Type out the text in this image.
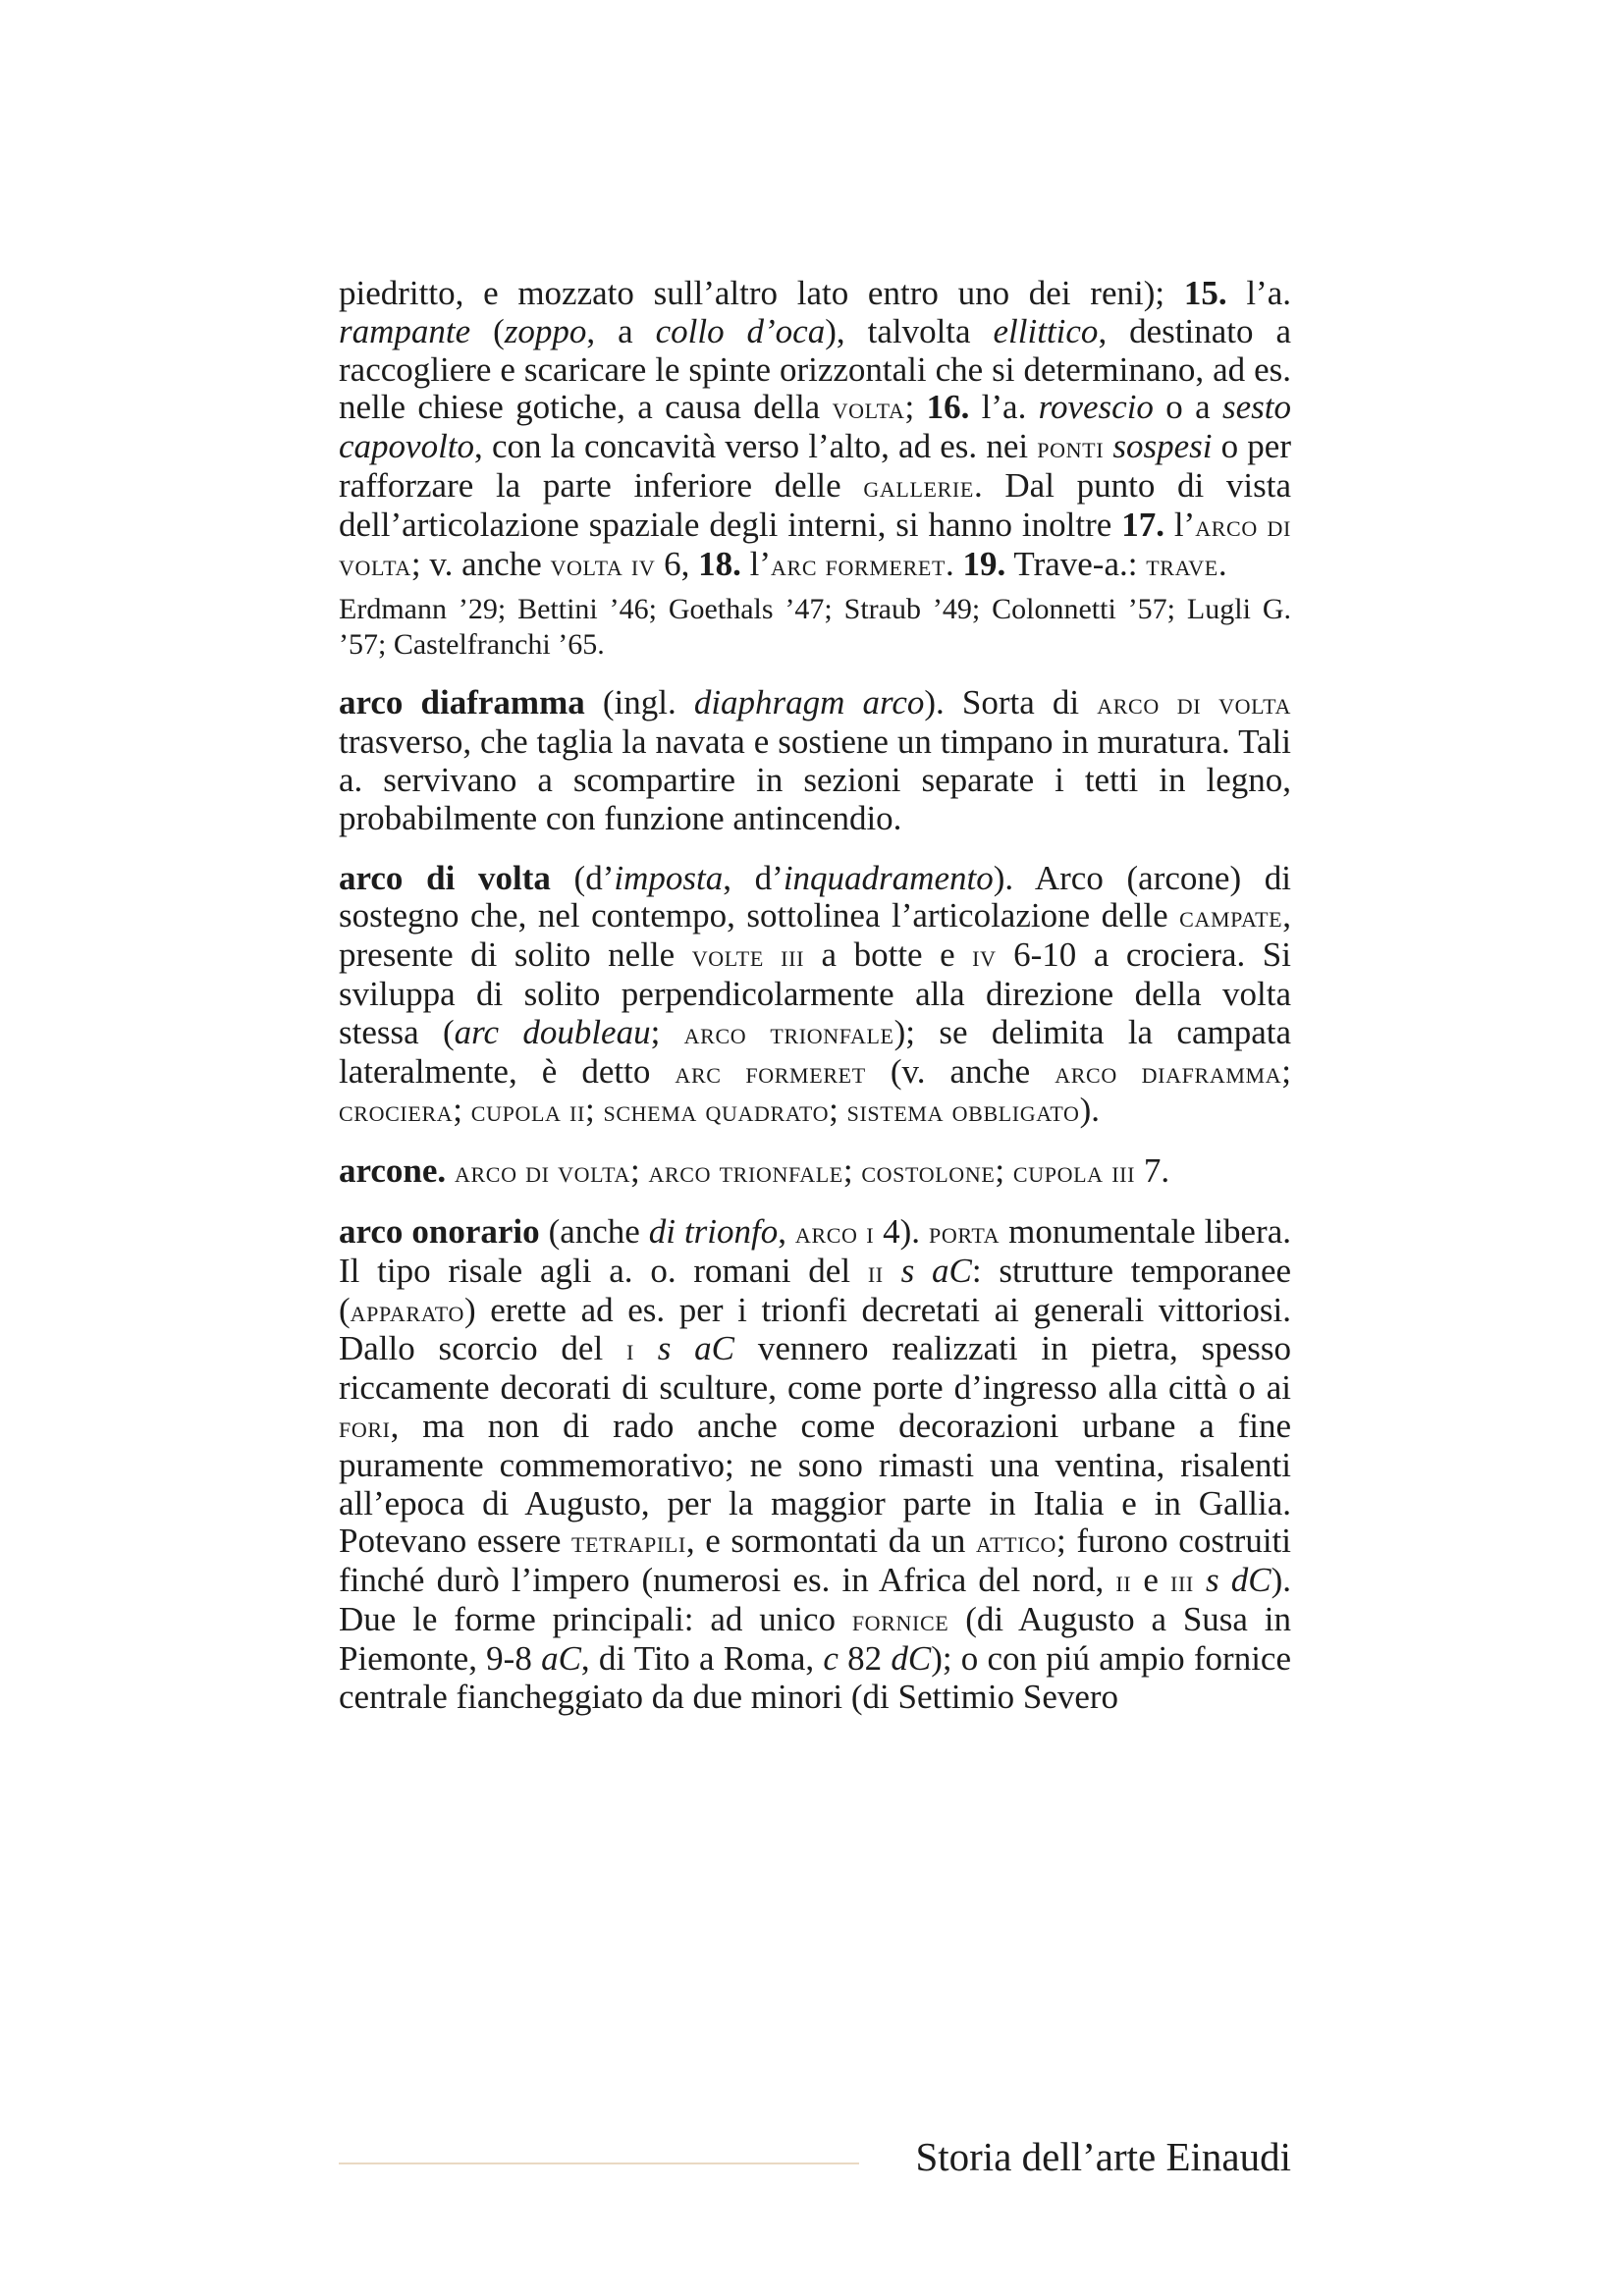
piedritto, e mozzato sull’altro lato entro uno dei reni); 15. l’a. rampante (zoppo, a collo d’oca), talvolta ellittico, destinato a raccogliere e scaricare le spinte orizzontali che si determinano, ad es. nelle chiese gotiche, a causa della volta; 16. l’a. rovescio o a sesto capovolto, con la concavità verso l’alto, ad es. nei ponti sospesi o per rafforzare la parte inferiore delle gallerie. Dal punto di vista dell’articolazione spaziale degli interni, si hanno inoltre 17. l’arco di volta; v. anche volta iv 6, 18. l’arc formeret. 19. Trave-a.: trave.

Erdmann ’29; Bettini ’46; Goethals ’47; Straub ’49; Colonnetti ’57; Lugli G. ’57; Castelfranchi ’65.

arco diaframma (ingl. diaphragm arco). Sorta di arco di volta trasverso, che taglia la navata e sostiene un timpano in muratura. Tali a. servivano a scompartire in sezioni separate i tetti in legno, probabilmente con funzione antincendio.

arco di volta (d’imposta, d’inquadramento). Arco (arcone) di sostegno che, nel contempo, sottolinea l’articolazione delle campate, presente di solito nelle volte iii a botte e iv 6-10 a crociera. Si sviluppa di solito perpendicolarmente alla direzione della volta stessa (arc doubleau; arco trionfale); se delimita la campata lateralmente, è detto arc formeret (v. anche arco diaframma; crociera; cupola ii; schema quadrato; sistema obbligato).

arcone. arco di volta; arco trionfale; costolone; cupola iii 7.

arco onorario (anche di trionfo, arco i 4). porta monumentale libera. Il tipo risale agli a. o. romani del ii s aC: strutture temporanee (apparato) erette ad es. per i trionfi decretati ai generali vittoriosi. Dallo scorcio del i s aC vennero realizzati in pietra, spesso riccamente decorati di sculture, come porte d’ingresso alla città o ai fori, ma non di rado anche come decorazioni urbane a fine puramente commemorativo; ne sono rimasti una ventina, risalenti all’epoca di Augusto, per la maggior parte in Italia e in Gallia. Potevano essere tetrapili, e sormontati da un attico; furono costruiti finché durò l’impero (numerosi es. in Africa del nord, ii e iii s dC). Due le forme principali: ad unico fornice (di Augusto a Susa in Piemonte, 9-8 aC, di Tito a Roma, c 82 dC); o con piú ampio fornice centrale fiancheggiato da due minori (di Settimio Severo

Storia dell’arte Einaudi
